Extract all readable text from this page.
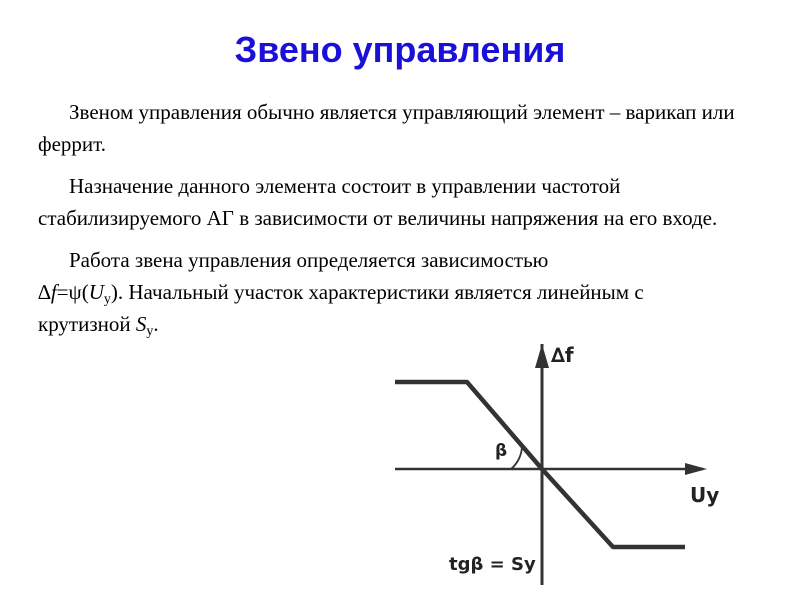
Звено управления

Звеном управления обычно является управляющий элемент – варикап или феррит.

Назначение данного элемента состоит в управлении частотой стабилизируемого АГ в зависимости от величины напряжения на его входе.

Работа звена управления определяется зависимостью
$\Delta f=\psi(U_у)$. Начальный участок характеристики является линейным с крутизной $S_у$.

∆f
Uу
β
tgβ = Sу
